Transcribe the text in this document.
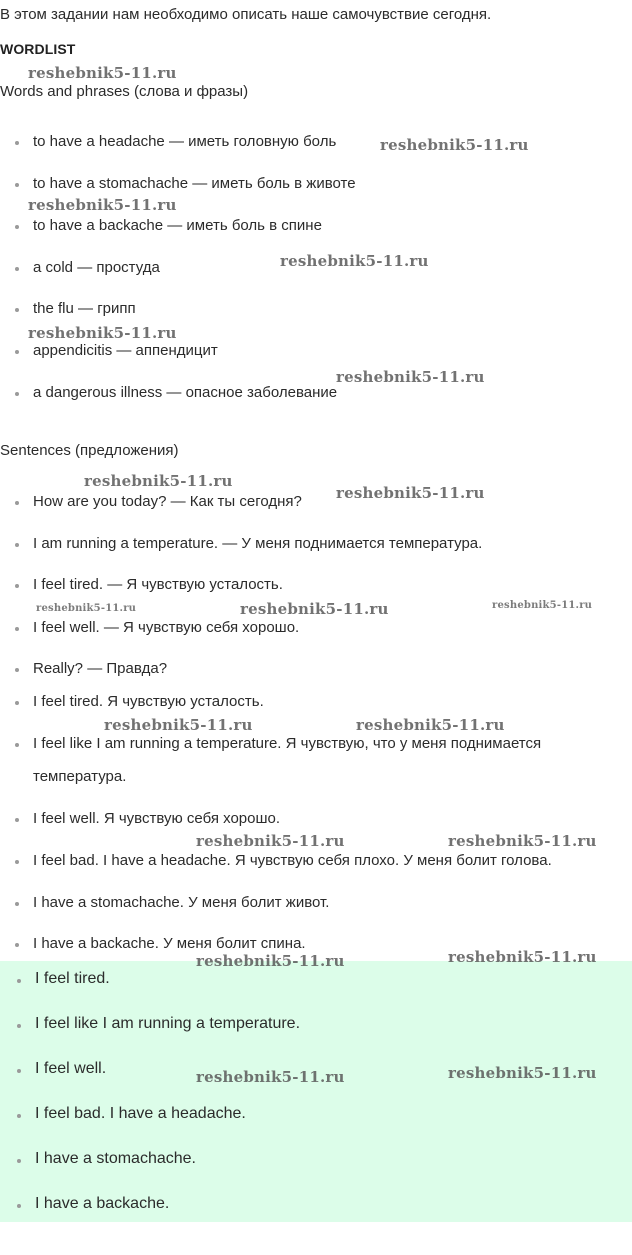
В этом задании нам необходимо описать наше самочувствие сегодня.
WORDLIST
Words and phrases (слова и фразы)
to have a headache — иметь головную боль
to have a stomachache — иметь боль в животе
to have a backache — иметь боль в спине
a cold — простуда
the flu — грипп
appendicitis — аппендицит
a dangerous illness — опасное заболевание
Sentences (предложения)
How are you today? — Как ты сегодня?
I am running a temperature. — У меня поднимается температура.
I feel tired. — Я чувствую усталость.
I feel well. — Я чувствую себя хорошо.
Really? — Правда?
I feel tired. Я чувствую усталость.
I feel like I am running a temperature. Я чувствую, что у меня поднимается температура.
I feel well. Я чувствую себя хорошо.
I feel bad. I have a headache. Я чувствую себя плохо. У меня болит голова.
I have a stomachache. У меня болит живот.
I have a backache. У меня болит спина.
I feel tired.
I feel like I am running a temperature.
I feel well.
I feel bad. I have a headache.
I have a stomachache.
I have a backache.
reshebnik5-11.ru
reshebnik5-11.ru
reshebnik5-11.ru
reshebnik5-11.ru
reshebnik5-11.ru
reshebnik5-11.ru
reshebnik5-11.ru
reshebnik5-11.ru
reshebnik5-11.ru	reshebnik5-11.ru	reshebnik5-11.ru
reshebnik5-11.ru	reshebnik5-11.ru
reshebnik5-11.ru	reshebnik5-11.ru
reshebnik5-11.ru	reshebnik5-11.ru
reshebnik5-11.ru	reshebnik5-11.ru
